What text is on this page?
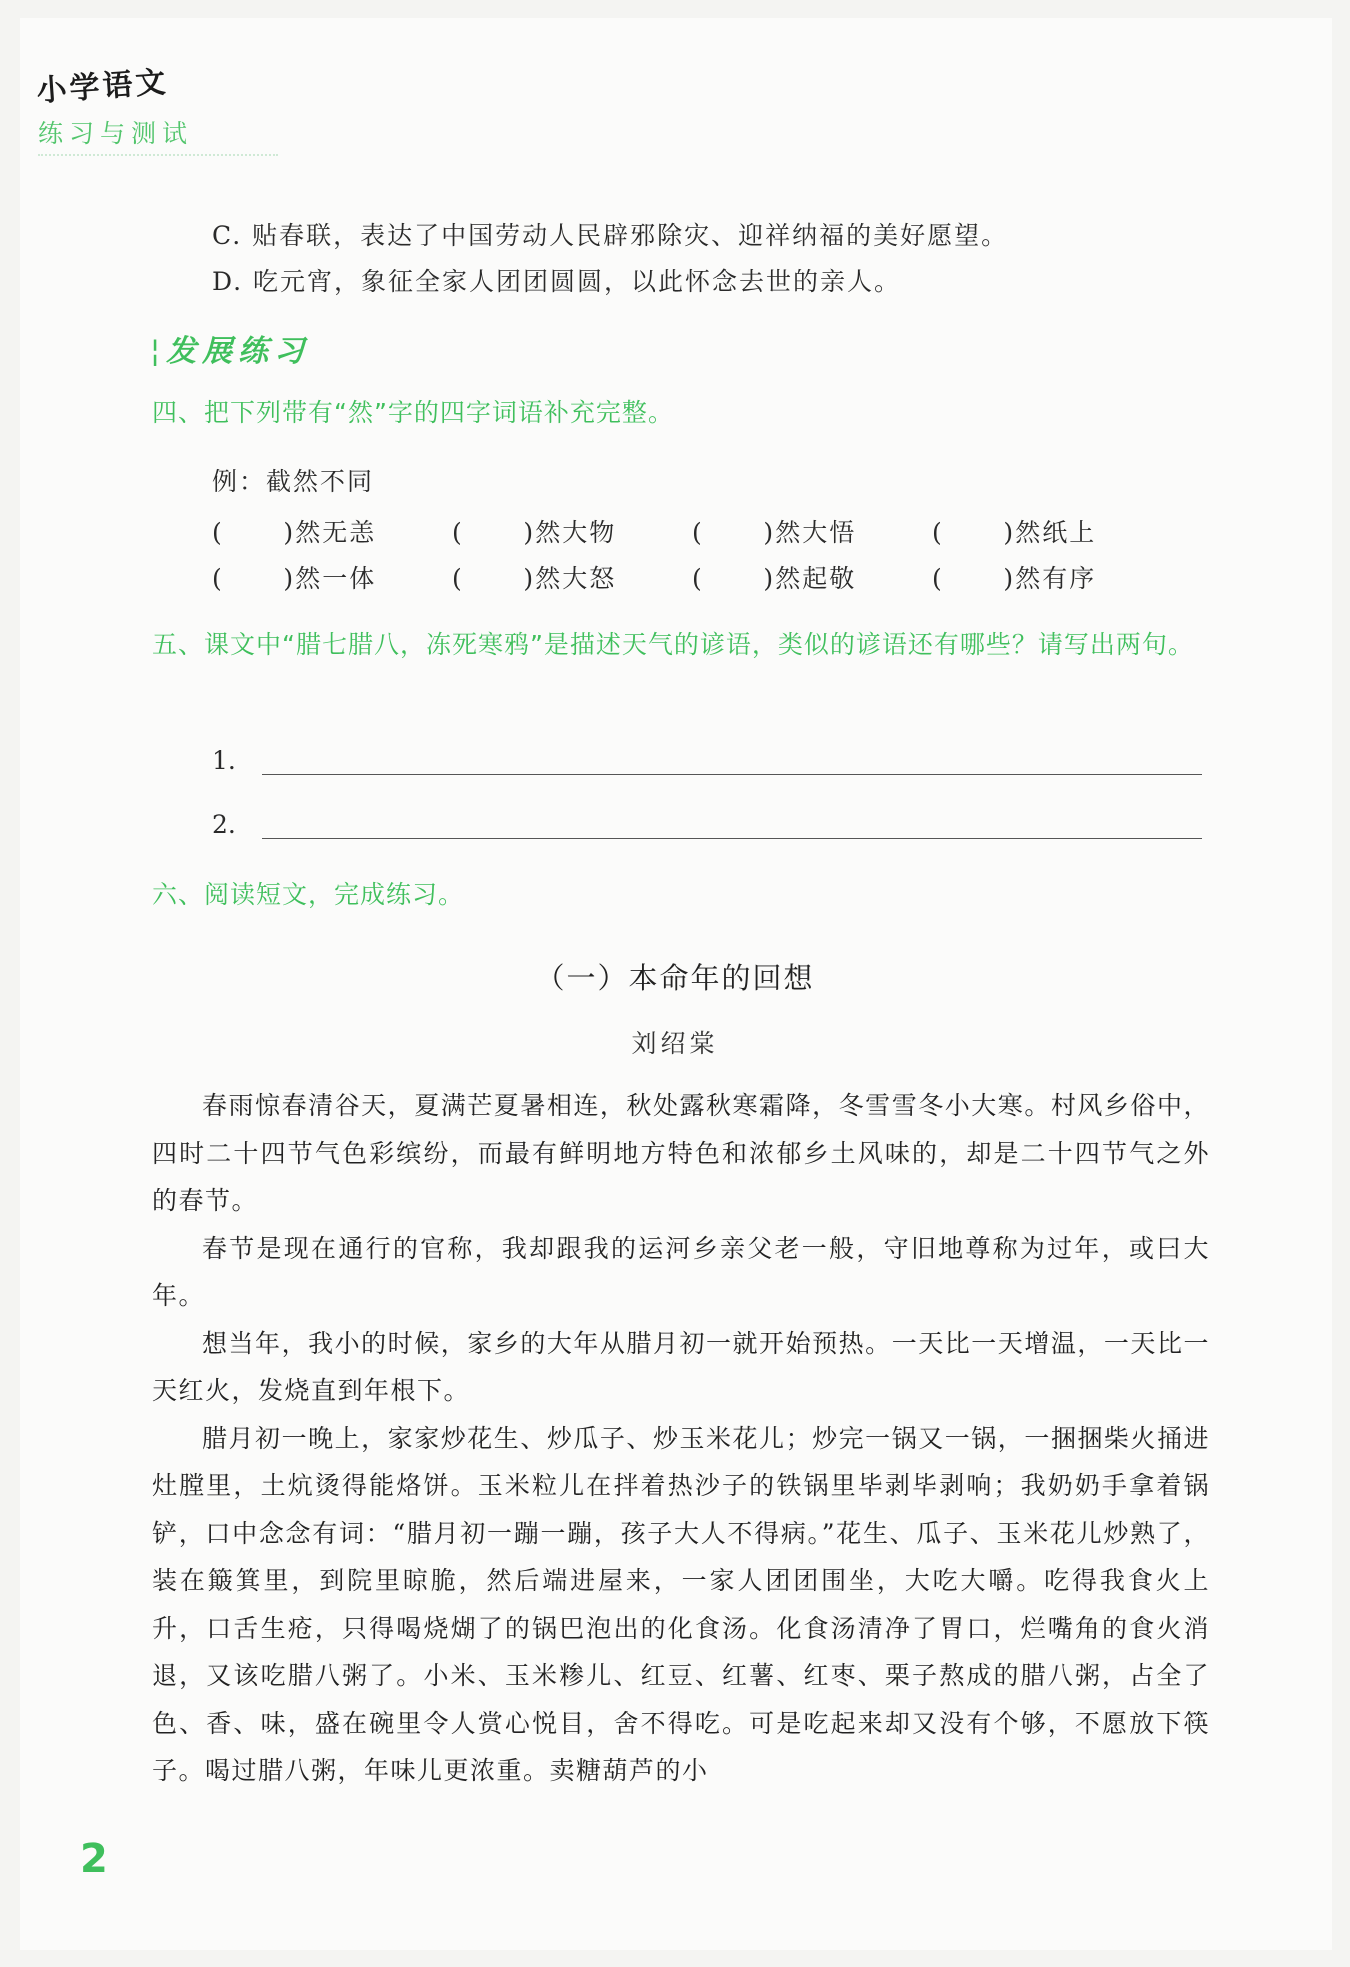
小学语文
练习与测试
C. 贴春联，表达了中国劳动人民辟邪除灾、迎祥纳福的美好愿望。
D. 吃元宵，象征全家人团团圆圆，以此怀念去世的亲人。
¦ 发展练习
四、把下列带有“然”字的四字词语补充完整。
例：截然不同
(      )然无恙	(      )然大物	(      )然大悟	(      )然纸上
(      )然一体	(      )然大怒	(      )然起敬	(      )然有序
五、课文中“腊七腊八，冻死寒鸦”是描述天气的谚语，类似的谚语还有哪些？请写出两句。
1.
2.
六、阅读短文，完成练习。
（一）本命年的回想
刘绍棠

春雨惊春清谷天，夏满芒夏暑相连，秋处露秋寒霜降，冬雪雪冬小大寒。村风乡俗中，四时二十四节气色彩缤纷，而最有鲜明地方特色和浓郁乡土风味的，却是二十四节气之外的春节。

春节是现在通行的官称，我却跟我的运河乡亲父老一般，守旧地尊称为过年，或曰大年。

想当年，我小的时候，家乡的大年从腊月初一就开始预热。一天比一天增温，一天比一天红火，发烧直到年根下。

腊月初一晚上，家家炒花生、炒瓜子、炒玉米花儿；炒完一锅又一锅，一捆捆柴火捅进灶膛里，土炕烫得能烙饼。玉米粒儿在拌着热沙子的铁锅里毕剥毕剥响；我奶奶手拿着锅铲，口中念念有词：“腊月初一蹦一蹦，孩子大人不得病。”花生、瓜子、玉米花儿炒熟了，装在簸箕里，到院里晾脆，然后端进屋来，一家人团团围坐，大吃大嚼。吃得我食火上升，口舌生疮，只得喝烧煳了的锅巴泡出的化食汤。化食汤清净了胃口，烂嘴角的食火消退，又该吃腊八粥了。小米、玉米糁儿、红豆、红薯、红枣、栗子熬成的腊八粥，占全了色、香、味，盛在碗里令人赏心悦目，舍不得吃。可是吃起来却又没有个够，不愿放下筷子。喝过腊八粥，年味儿更浓重。卖糖葫芦的小

2
